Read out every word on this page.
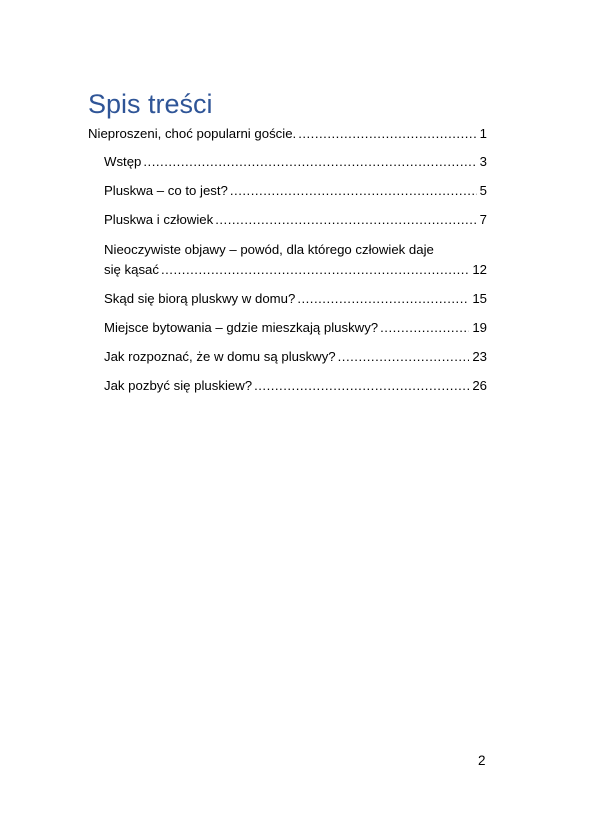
Spis treści
Nieproszeni, choć popularni goście. .....	1
Wstęp .....	3
Pluskwa – co to jest? .....	5
Pluskwa i człowiek .....	7
Nieoczywiste objawy – powód, dla którego człowiek daje
się kąsać .....	12
Skąd się biorą pluskwy w domu? .....	15
Miejsce bytowania – gdzie mieszkają pluskwy? .....	19
Jak rozpoznać, że w domu są pluskwy? .....	23
Jak pozbyć się pluskiew? .....	26
2
